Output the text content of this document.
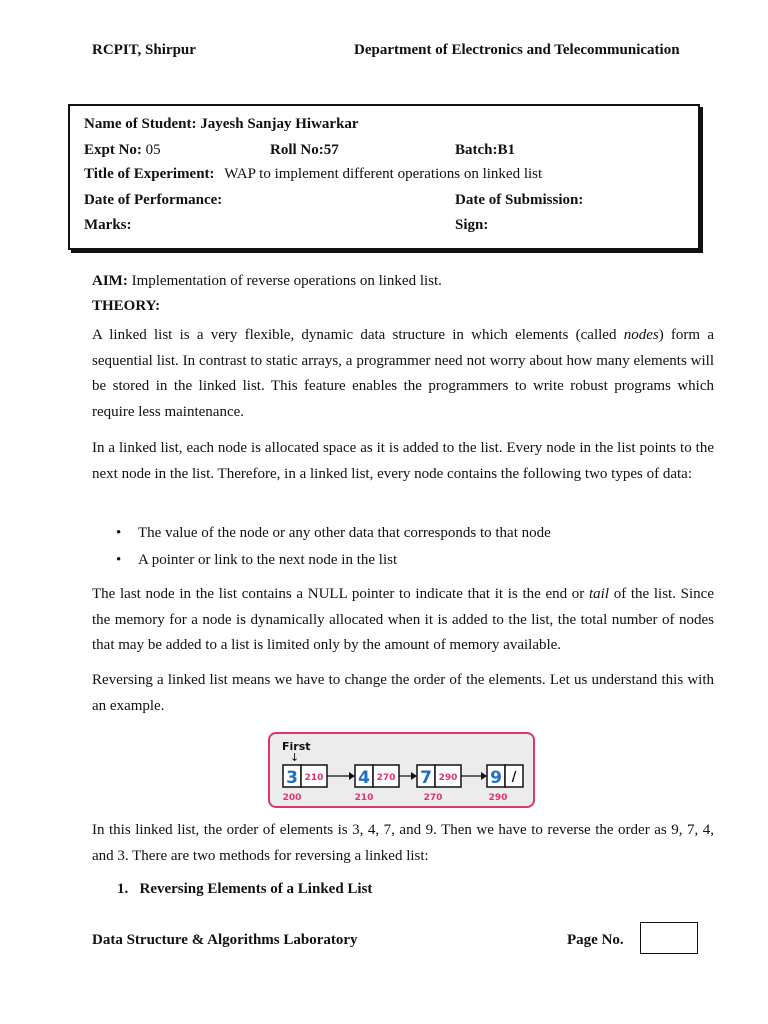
RCPIT, Shirpur	Department of Electronics and Telecommunication
Name of Student: Jayesh Sanjay Hiwarkar
Expt No: 05	Roll No:57	Batch:B1
Title of Experiment: WAP to implement different operations on linked list
Date of Performance:	Date of Submission:
Marks:	Sign:
AIM: Implementation of reverse operations on linked list.
THEORY:

A linked list is a very flexible, dynamic data structure in which elements (called nodes) form a sequential list. In contrast to static arrays, a programmer need not worry about how many elements will be stored in the linked list. This feature enables the programmers to write robust programs which require less maintenance.

In a linked list, each node is allocated space as it is added to the list. Every node in the list points to the next node in the list. Therefore, in a linked list, every node contains the following two types of data:

• The value of the node or any other data that corresponds to that node
• A pointer or link to the next node in the list

The last node in the list contains a NULL pointer to indicate that it is the end or tail of the list. Since the memory for a node is dynamically allocated when it is added to the list, the total number of nodes that may be added to a list is limited only by the amount of memory available.

Reversing a linked list means we have to change the order of the elements. Let us understand this with an example.

First
↓
3 210
200
4 270
210
7 290
270
9 /
290

In this linked list, the order of elements is 3, 4, 7, and 9. Then we have to reverse the order as 9, 7, 4, and 3. There are two methods for reversing a linked list:

1.   Reversing Elements of a Linked List
Data Structure & Algorithms Laboratory	Page No.
